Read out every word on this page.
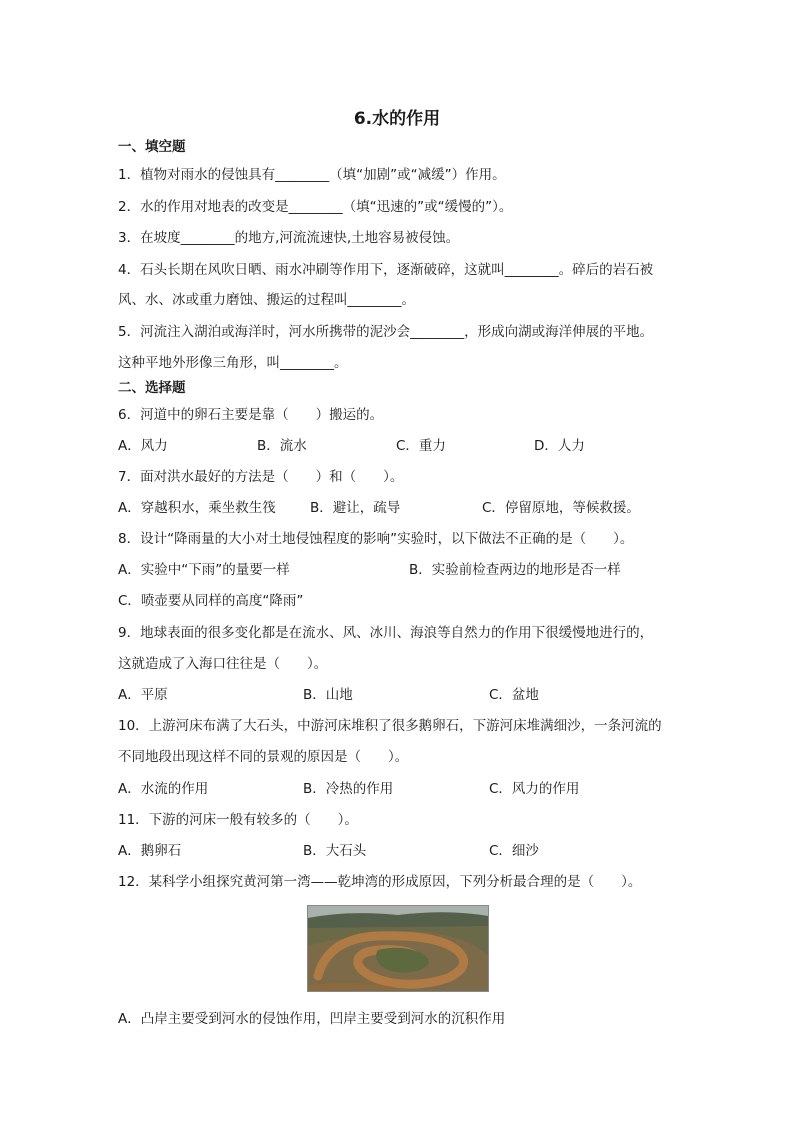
6.水的作用
一、填空题
1．植物对雨水的侵蚀具有________（填“加剧”或“减缓”）作用。
2．水的作用对地表的改变是________（填“迅速的”或“缓慢的”）。
3．在坡度________的地方,河流流速快,土地容易被侵蚀。
4．石头长期在风吹日晒、雨水冲刷等作用下，逐渐破碎，这就叫________。碎后的岩石被
风、水、冰或重力磨蚀、搬运的过程叫________。
5．河流注入湖泊或海洋时，河水所携带的泥沙会________，形成向湖或海洋伸展的平地。
这种平地外形像三角形，叫________。
二、选择题
6．河道中的卵石主要是靠（　　）搬运的。
A．风力	B．流水	C．重力	D．人力
7．面对洪水最好的方法是（　　）和（　　）。
A．穿越积水，乘坐救生筏	B．避让，疏导	C．停留原地，等候救援。
8．设计“降雨量的大小对土地侵蚀程度的影响”实验时，以下做法不正确的是（　　）。
A．实验中“下雨”的量要一样	B．实验前检查两边的地形是否一样
C．喷壶要从同样的高度“降雨”
9．地球表面的很多变化都是在流水、风、冰川、海浪等自然力的作用下很缓慢地进行的，
这就造成了入海口往往是（　　）。
A．平原	B．山地	C．盆地
10．上游河床布满了大石头，中游河床堆积了很多鹅卵石，下游河床堆满细沙，一条河流的
不同地段出现这样不同的景观的原因是（　　）。
A．水流的作用	B．冷热的作用	C．风力的作用
11．下游的河床一般有较多的（　　）。
A．鹅卵石	B．大石头	C．细沙
12．某科学小组探究黄河第一湾——乾坤湾的形成原因，下列分析最合理的是（　　）。
A．凸岸主要受到河水的侵蚀作用，凹岸主要受到河水的沉积作用
